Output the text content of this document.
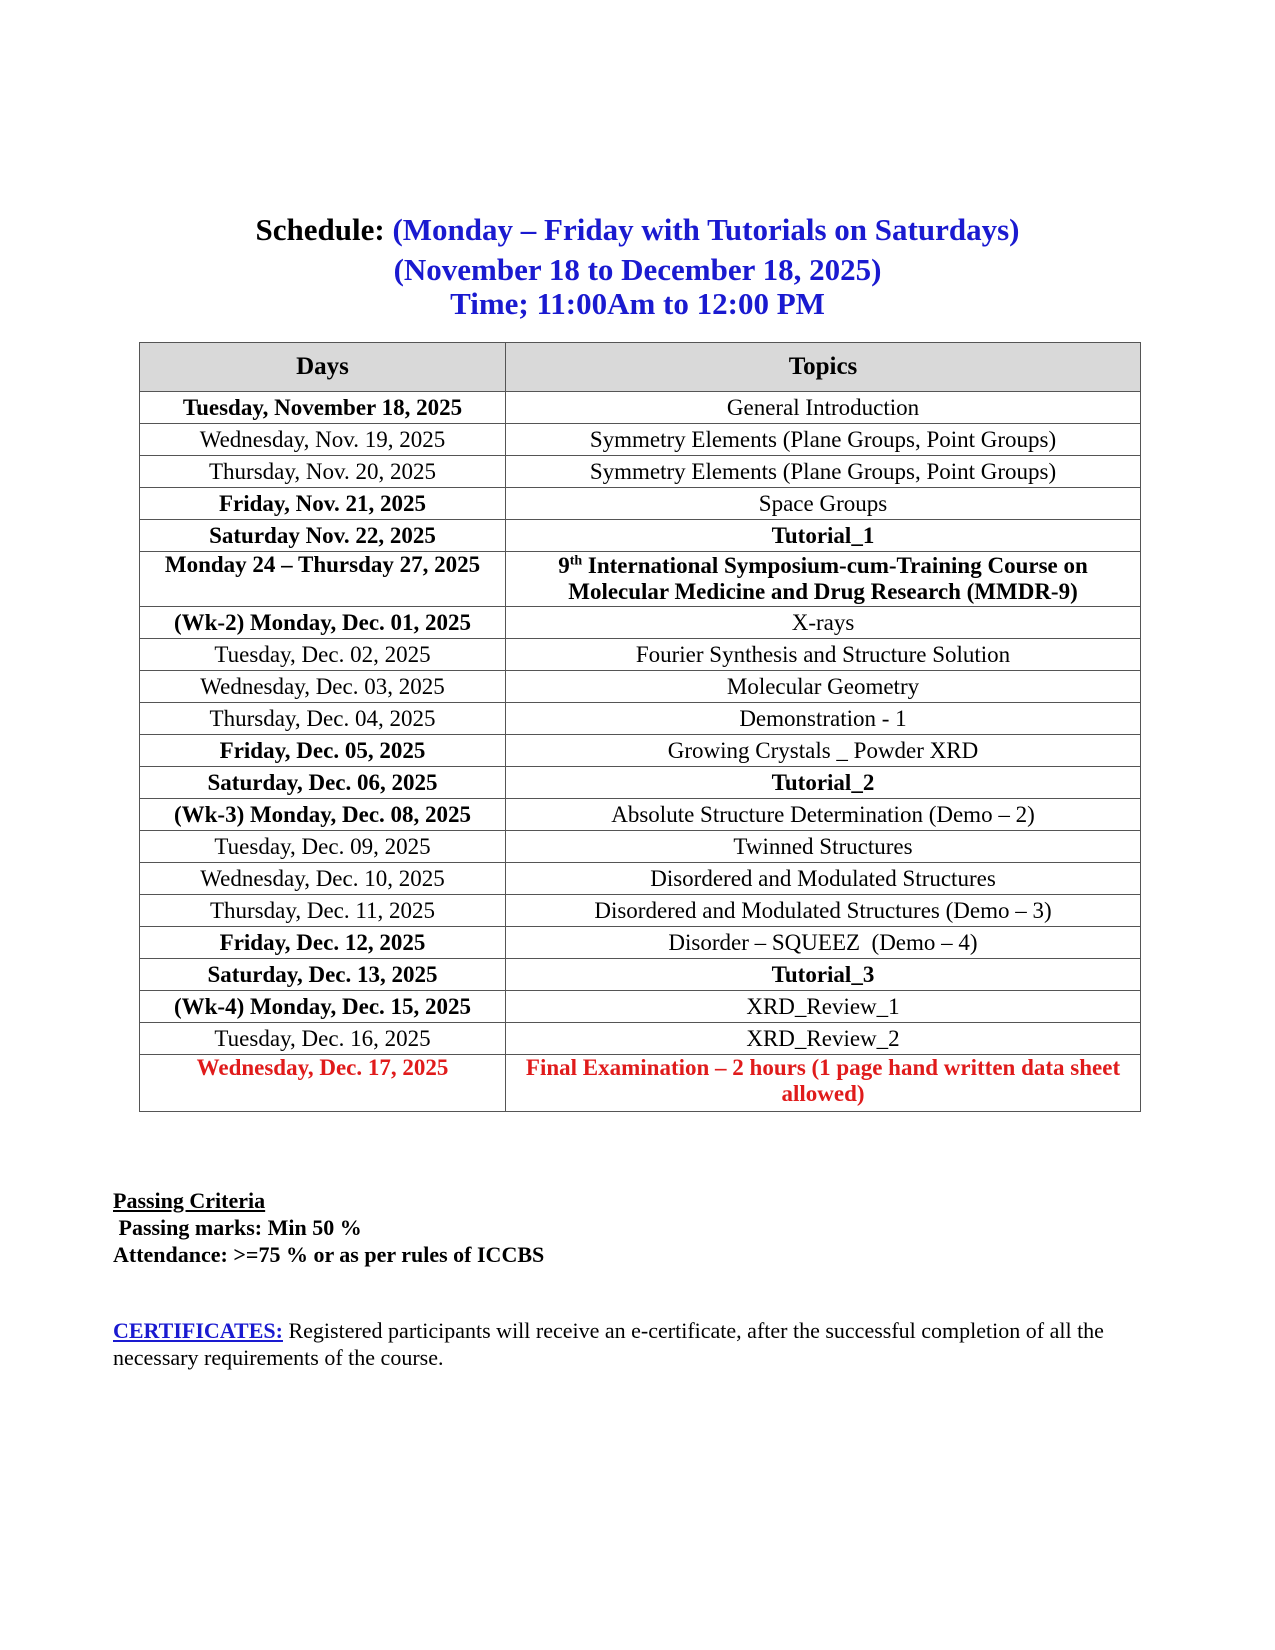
Schedule: (Monday – Friday with Tutorials on Saturdays)
(November 18 to December 18, 2025)
Time; 11:00Am to 12:00 PM
Days	Topics
Tuesday, November 18, 2025	General Introduction
Wednesday, Nov. 19, 2025	Symmetry Elements (Plane Groups, Point Groups)
Thursday, Nov. 20, 2025	Symmetry Elements (Plane Groups, Point Groups)
Friday, Nov. 21, 2025	Space Groups
Saturday Nov. 22, 2025	Tutorial_1
Monday 24 – Thursday 27, 2025	9th International Symposium-cum-Training Course on Molecular Medicine and Drug Research (MMDR-9)
(Wk-2) Monday, Dec. 01, 2025	X-rays
Tuesday, Dec. 02, 2025	Fourier Synthesis and Structure Solution
Wednesday, Dec. 03, 2025	Molecular Geometry
Thursday, Dec. 04, 2025	Demonstration - 1
Friday, Dec. 05, 2025	Growing Crystals _ Powder XRD
Saturday, Dec. 06, 2025	Tutorial_2
(Wk-3) Monday, Dec. 08, 2025	Absolute Structure Determination (Demo – 2)
Tuesday, Dec. 09, 2025	Twinned Structures
Wednesday, Dec. 10, 2025	Disordered and Modulated Structures
Thursday, Dec. 11, 2025	Disordered and Modulated Structures (Demo – 3)
Friday, Dec. 12, 2025	Disorder – SQUEEZ  (Demo – 4)
Saturday, Dec. 13, 2025	Tutorial_3
(Wk-4) Monday, Dec. 15, 2025	XRD_Review_1
Tuesday, Dec. 16, 2025	XRD_Review_2
Wednesday, Dec. 17, 2025	Final Examination – 2 hours (1 page hand written data sheet allowed)
Passing Criteria
Passing marks: Min 50 %
Attendance: >=75 % or as per rules of ICCBS
CERTIFICATES: Registered participants will receive an e-certificate, after the successful completion of all the necessary requirements of the course.
